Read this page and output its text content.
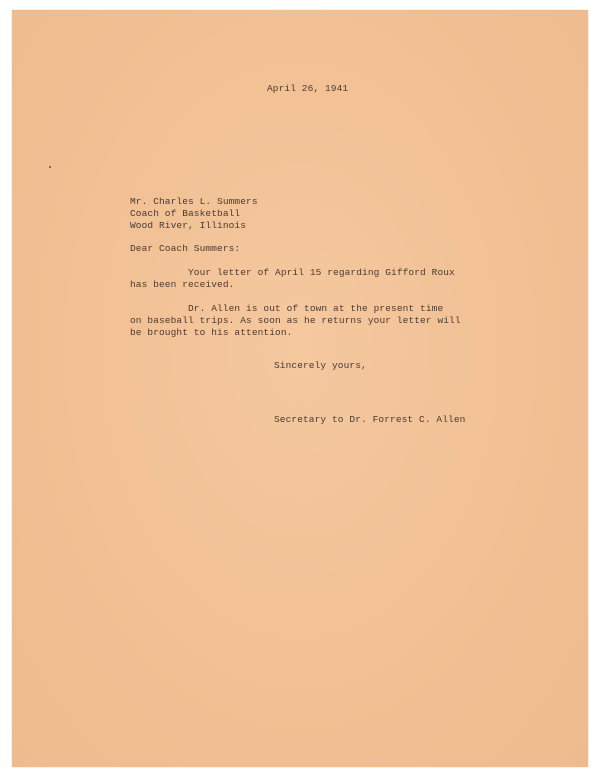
April 26, 1941
Mr. Charles L. Summers
Coach of Basketball
Wood River, Illinois
Dear Coach Summers:
Your letter of April 15 regarding Gifford Roux
has been received.
Dr. Allen is out of town at the present time
on baseball trips. As soon as he returns your letter will
be brought to his attention.
Sincerely yours,
Secretary to Dr. Forrest C. Allen
